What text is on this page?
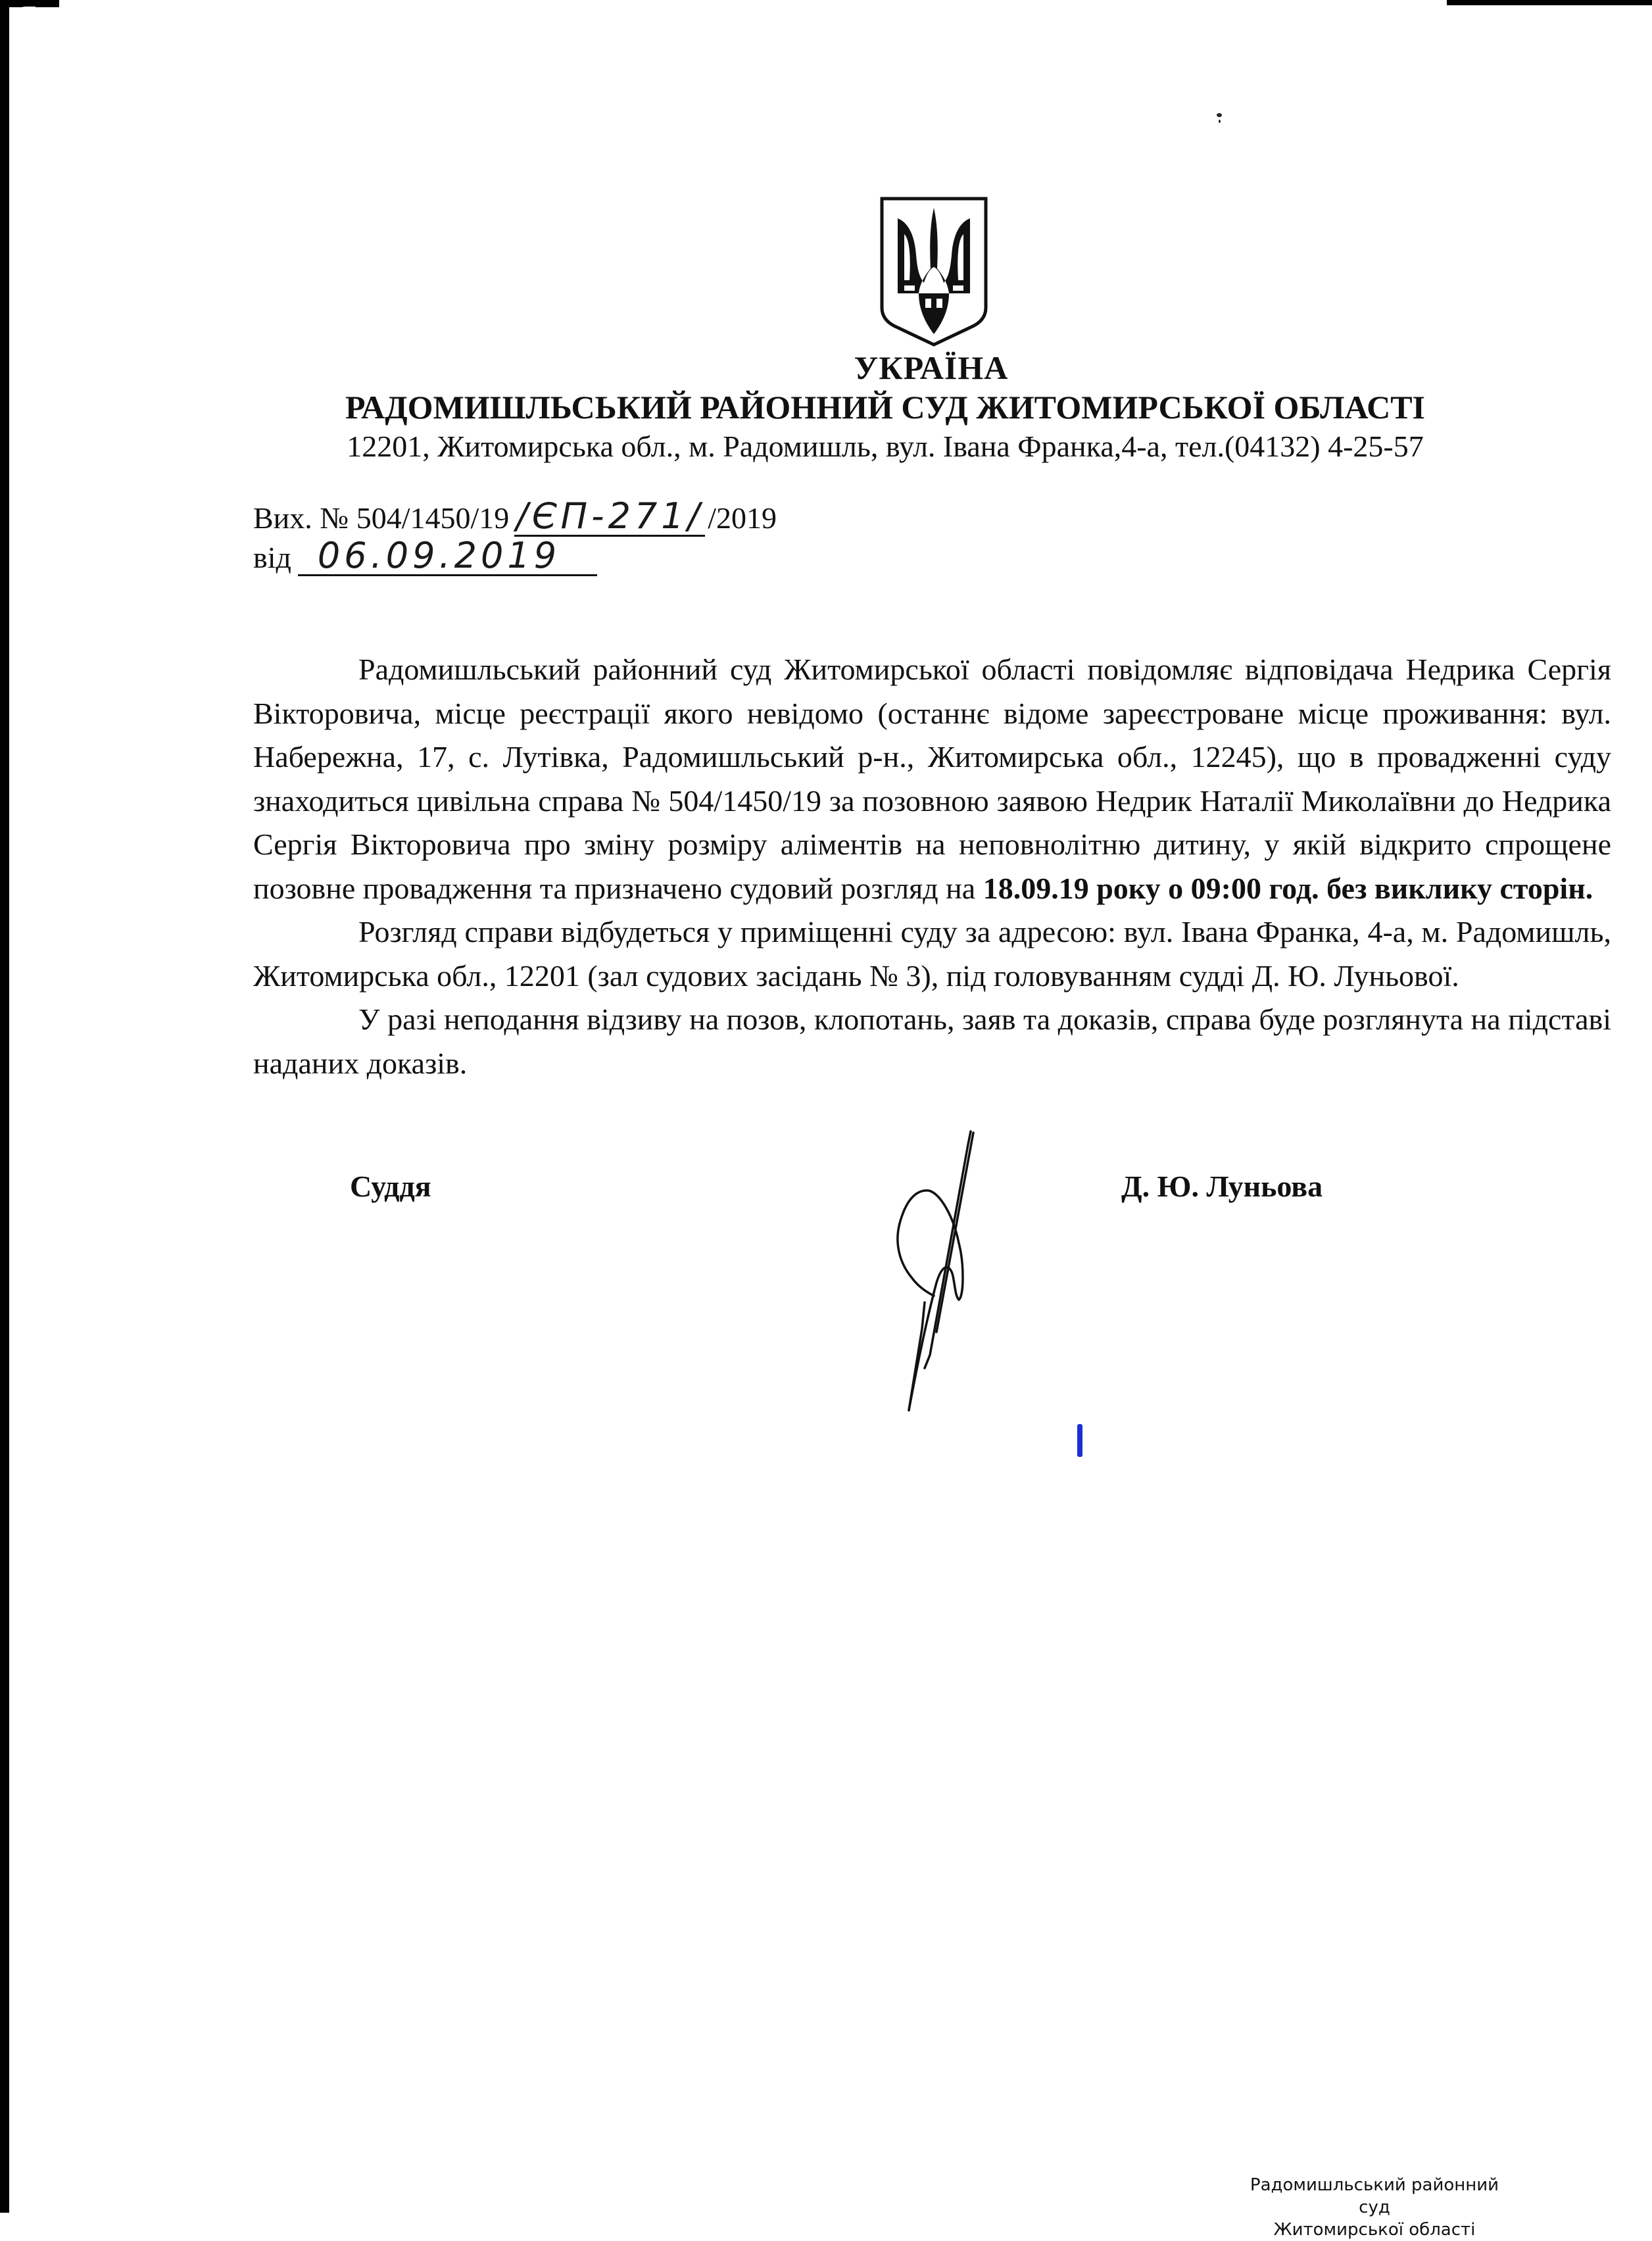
УКРАЇНА
РАДОМИШЛЬСЬКИЙ РАЙОННИЙ СУД ЖИТОМИРСЬКОЇ ОБЛАСТІ
12201, Житомирська обл., м. Радомишль, вул. Івана Франка,4-а, тел.(04132) 4-25-57
Вих. № 504/1450/19 /ЄП-271/ /2019
від 06.09.2019

Радомишльський районний суд Житомирської області повідомляє відповідача Недрика Сергія Вікторовича, місце реєстрації якого невідомо (останнє відоме зареєстроване місце проживання: вул. Набережна, 17, с. Лутівка, Радомишльський р-н., Житомирська обл., 12245), що в провадженні суду знаходиться цивільна справа № 504/1450/19 за позовною заявою Недрик Наталії Миколаївни до Недрика Сергія Вікторовича про зміну розміру аліментів на неповнолітню дитину, у якій відкрито спрощене позовне провадження та призначено судовий розгляд на 18.09.19 року о 09:00 год. без виклику сторін.

Розгляд справи відбудеться у приміщенні суду за адресою: вул. Івана Франка, 4-а, м. Радомишль, Житомирська обл., 12201 (зал судових засідань № 3), під головуванням судді Д. Ю. Луньової.

У разі неподання відзиву на позов, клопотань, заяв та доказів, справа буде розглянута на підставі наданих доказів.

Суддя	Д. Ю. Луньова
Радомишльський районний суд
Житомирської області
